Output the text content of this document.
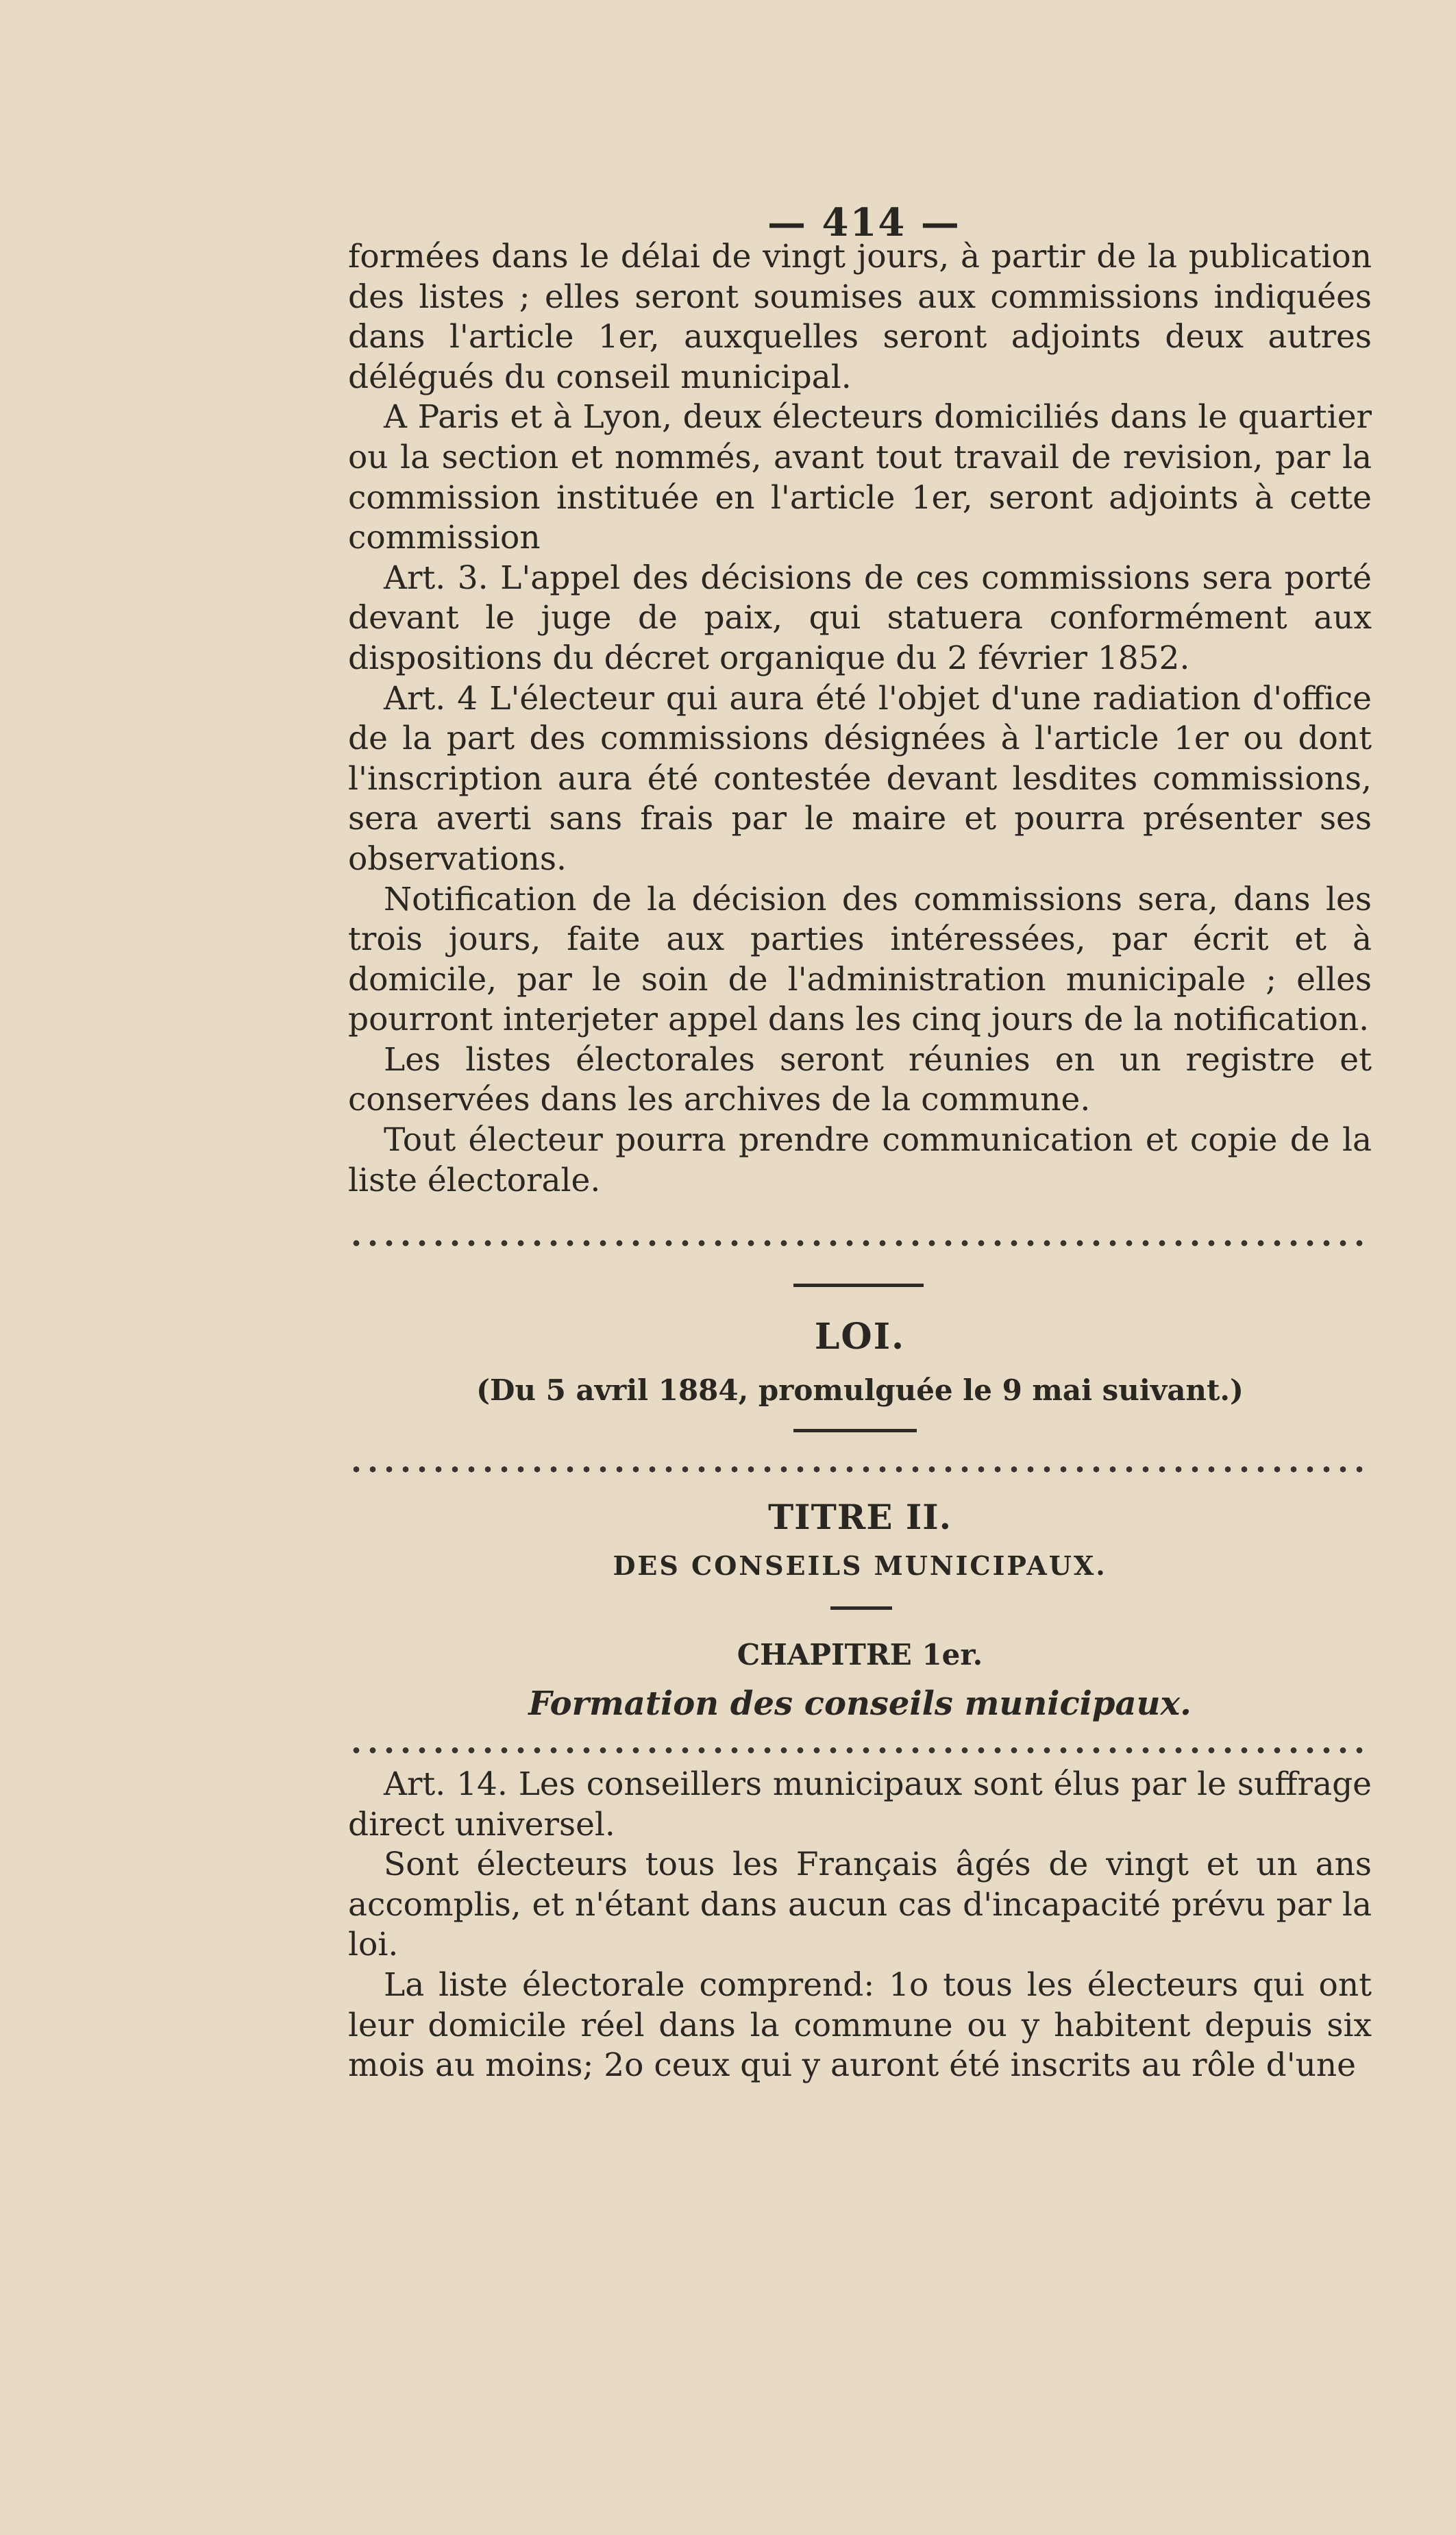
— 414 —

formées dans le délai de vingt jours, à partir de la publication des listes ; elles seront soumises aux commissions indiquées dans l'article 1er, auxquelles seront adjoints deux autres délégués du conseil municipal.

A Paris et à Lyon, deux électeurs domiciliés dans le quartier ou la section et nommés, avant tout travail de revision, par la commission instituée en l'article 1er, seront adjoints à cette commission

Art. 3. L'appel des décisions de ces commissions sera porté devant le juge de paix, qui statuera conformément aux dispositions du décret organique du 2 février 1852.

Art. 4 L'électeur qui aura été l'objet d'une radiation d'office de la part des commissions désignées à l'article 1er ou dont l'inscription aura été contestée devant lesdites commissions, sera averti sans frais par le maire et pourra présenter ses observations.

Notification de la décision des commissions sera, dans les trois jours, faite aux parties intéressées, par écrit et à domicile, par le soin de l'administration municipale ; elles pourront interjeter appel dans les cinq jours de la notification.

Les listes électorales seront réunies en un registre et conservées dans les archives de la commune.

Tout électeur pourra prendre communication et copie de la liste électorale.

LOI.
(Du 5 avril 1884, promulguée le 9 mai suivant.)
TITRE II.
DES CONSEILS MUNICIPAUX.
CHAPITRE 1er.
Formation des conseils municipaux.

Art. 14. Les conseillers municipaux sont élus par le suffrage direct universel.

Sont électeurs tous les Français âgés de vingt et un ans accomplis, et n'étant dans aucun cas d'incapacité prévu par la loi.

La liste électorale comprend: 1o tous les électeurs qui ont leur domicile réel dans la commune ou y habitent depuis six mois au moins; 2o ceux qui y auront été inscrits au rôle d'une
